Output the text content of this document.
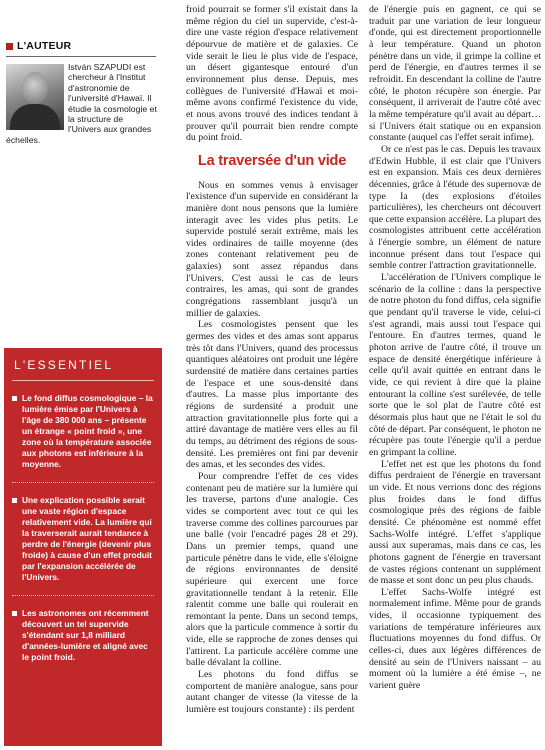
L'AUTEUR
István SZAPUDI est chercheur à l'Institut d'astronomie de l'université d'Hawaï. Il étudie la cosmologie et la structure de l'Univers aux grandes échelles.
L'ESSENTIEL
Le fond diffus cosmologique – la lumière émise par l'Univers à l'âge de 380 000 ans – présente un étrange « point froid », une zone où la température associée aux photons est inférieure à la moyenne.
Une explication possible serait une vaste région d'espace relativement vide. La lumière qui la traverserait aurait tendance à perdre de l'énergie (devenir plus froide) à cause d'un effet produit par l'expansion accélérée de l'Univers.
Les astronomes ont récemment découvert un tel supervide s'étendant sur 1,8 milliard d'années-lumière et aligné avec le point froid.

froid pourrait se former s'il existait dans la même région du ciel un supervide, c'est-à-dire une vaste région d'espace relativement dépourvue de matière et de galaxies. Ce vide serait le lieu le plus vide de l'espace, un désert gigantesque entouré d'un environnement plus dense. Depuis, mes collègues de l'université d'Hawaï et moi-même avons confirmé l'existence du vide, et nous avons trouvé des indices tendant à prouver qu'il pourrait bien rendre compte du point froid.

La traversée d'un vide

Nous en sommes venus à envisager l'existence d'un supervide en considérant la manière dont nous pensons que la lumière interagit avec les vides plus petits. Le supervide postulé serait extrême, mais les vides ordinaires de taille moyenne (des zones contenant relativement peu de galaxies) sont assez répandus dans l'Univers. C'est aussi le cas de leurs contraires, les amas, qui sont de grandes congrégations rassemblant jusqu'à un millier de galaxies.

Les cosmologistes pensent que les germes des vides et des amas sont apparus très tôt dans l'Univers, quand des processus quantiques aléatoires ont produit une légère surdensité de matière dans certaines parties de l'espace et une sous-densité dans d'autres. La masse plus importante des régions de surdensité a produit une attraction gravitationnelle plus forte qui a attiré davantage de matière vers elles au fil du temps, au détriment des régions de sous-densité. Les premières ont fini par devenir des amas, et les secondes des vides.

Pour comprendre l'effet de ces vides contenant peu de matière sur la lumière qui les traverse, partons d'une analogie. Ces vides se comportent avec tout ce qui les traverse comme des collines parcourues par une balle (voir l'encadré pages 28 et 29). Dans un premier temps, quand une particule pénètre dans le vide, elle s'éloigne de régions environnantes de densité supérieure qui exercent une force gravitationnelle tendant à la retenir. Elle ralentit comme une balle qui roulerait en remontant la pente. Dans un second temps, alors que la particule commence à sortir du vide, elle se rapproche de zones denses qui l'attirent. La particule accélère comme une balle dévalant la colline.

Les photons du fond diffus se comportent de manière analogue, sans pour autant changer de vitesse (la vitesse de la lumière est toujours constante) : ils perdent

de l'énergie puis en gagnent, ce qui se traduit par une variation de leur longueur d'onde, qui est directement proportionnelle à leur température. Quand un photon pénètre dans un vide, il grimpe la colline et perd de l'énergie, en d'autres termes il se refroidit. En descendant la colline de l'autre côté, le photon récupère son énergie. Par conséquent, il arriverait de l'autre côté avec la même température qu'il avait au départ… si l'Univers était statique ou en expansion constante (auquel cas l'effet serait infime).

Or ce n'est pas le cas. Depuis les travaux d'Edwin Hubble, il est clair que l'Univers est en expansion. Mais ces deux dernières décennies, grâce à l'étude des supernovæ de type Ia (des explosions d'étoiles particulières), les chercheurs ont découvert que cette expansion accélère. La plupart des cosmologistes attribuent cette accélération à l'énergie sombre, un élément de nature inconnue présent dans tout l'espace qui semble contrer l'attraction gravitationnelle.

L'accélération de l'Univers complique le scénario de la colline : dans la perspective de notre photon du fond diffus, cela signifie que pendant qu'il traverse le vide, celui-ci s'est agrandi, mais aussi tout l'espace qui l'entoure. En d'autres termes, quand le photon arrive de l'autre côté, il trouve un espace de densité énergétique inférieure à celle qu'il avait quittée en entrant dans le vide, ce qui revient à dire que la plaine entourant la colline s'est surélevée, de telle sorte que le sol plat de l'autre côté est désormais plus haut que ne l'était le sol du côté de départ. Par conséquent, le photon ne récupère pas toute l'énergie qu'il a perdue en grimpant la colline.

L'effet net est que les photons du fond diffus perdraient de l'énergie en traversant un vide. Et nous verrions donc des régions plus froides dans le fond diffus cosmologique près des régions de faible densité. Ce phénomène est nommé effet Sachs-Wolfe intégré. L'effet s'applique aussi aux superamas, mais dans ce cas, les photons gagnent de l'énergie en traversant de vastes régions contenant un supplément de masse et sont donc un peu plus chauds.

L'effet Sachs-Wolfe intégré est normalement infime. Même pour de grands vides, il occasionne typiquement des variations de température inférieures aux fluctuations moyennes du fond diffus. Or celles-ci, dues aux légères différences de densité au sein de l'Univers naissant – au moment où la lumière a été émise –, ne varient guère
